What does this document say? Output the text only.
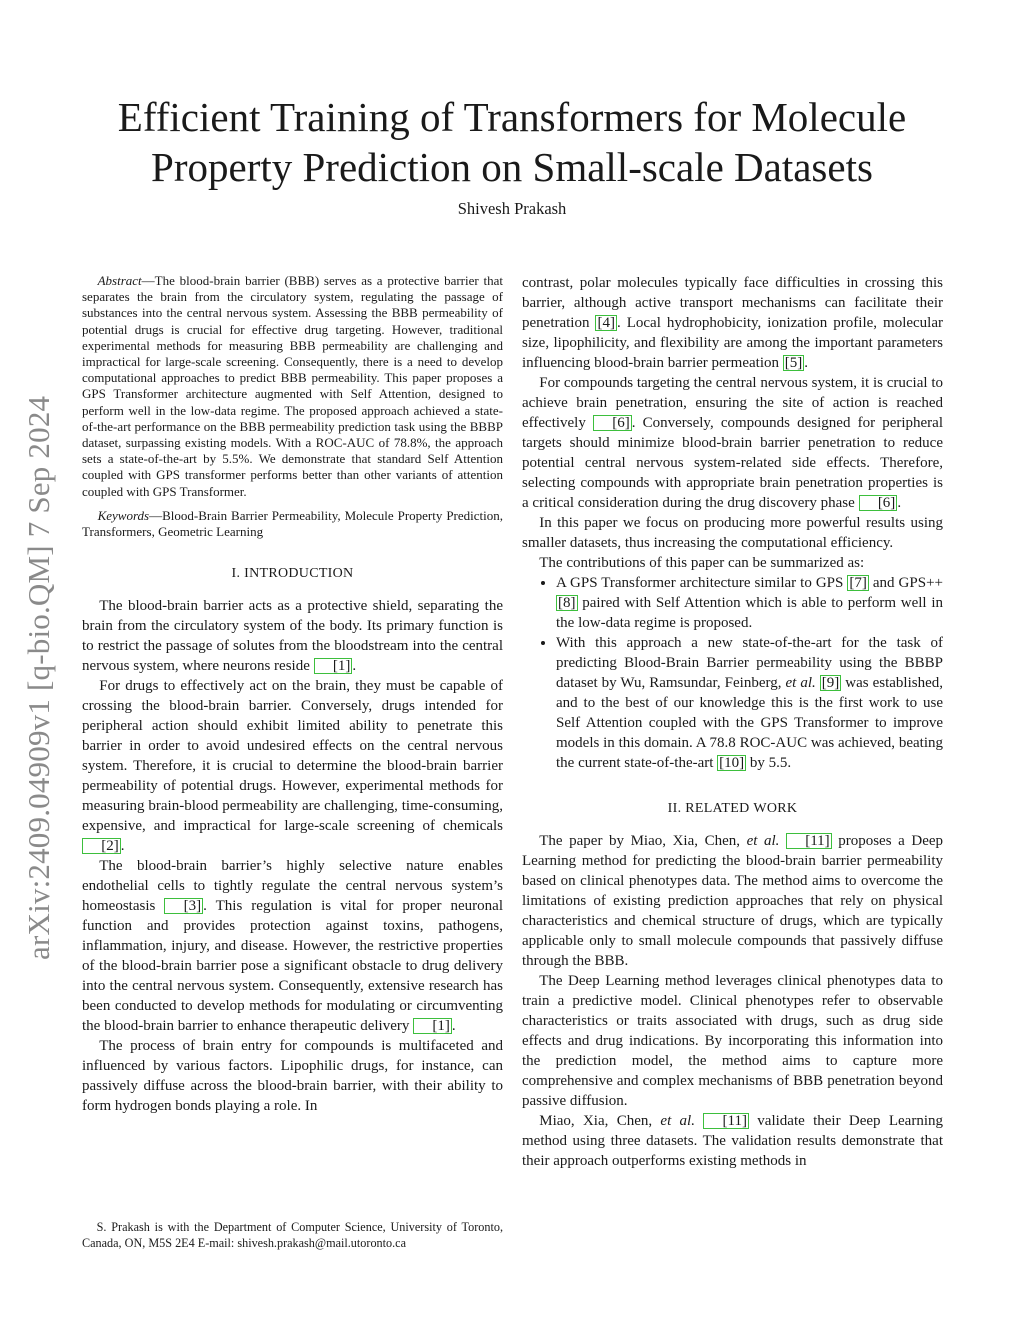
arXiv:2409.04909v1 [q-bio.QM] 7 Sep 2024
Efficient Training of Transformers for Molecule
Property Prediction on Small-scale Datasets
Shivesh Prakash

Abstract—The blood-brain barrier (BBB) serves as a protective barrier that separates the brain from the circulatory system, regulating the passage of substances into the central nervous system. Assessing the BBB permeability of potential drugs is crucial for effective drug targeting. However, traditional experimental methods for measuring BBB permeability are challenging and impractical for large-scale screening. Consequently, there is a need to develop computational approaches to predict BBB permeability. This paper proposes a GPS Transformer architecture augmented with Self Attention, designed to perform well in the low-data regime. The proposed approach achieved a state-of-the-art performance on the BBB permeability prediction task using the BBBP dataset, surpassing existing models. With a ROC-AUC of 78.8%, the approach sets a state-of-the-art by 5.5%. We demonstrate that standard Self Attention coupled with GPS transformer performs better than other variants of attention coupled with GPS Transformer.

Keywords—Blood-Brain Barrier Permeability, Molecule Property Prediction, Transformers, Geometric Learning

I. INTRODUCTION

The blood-brain barrier acts as a protective shield, separating the brain from the circulatory system of the body. Its primary function is to restrict the passage of solutes from the bloodstream into the central nervous system, where neurons reside [1] .

For drugs to effectively act on the brain, they must be capable of crossing the blood-brain barrier. Conversely, drugs intended for peripheral action should exhibit limited ability to penetrate this barrier in order to avoid undesired effects on the central nervous system. Therefore, it is crucial to determine the blood-brain barrier permeability of potential drugs. However, experimental methods for measuring brain-blood permeability are challenging, time-consuming, expensive, and impractical for large-scale screening of chemicals [2] .

The blood-brain barrier’s highly selective nature enables endothelial cells to tightly regulate the central nervous system’s homeostasis [3] . This regulation is vital for proper neuronal function and provides protection against toxins, pathogens, inflammation, injury, and disease. However, the restrictive properties of the blood-brain barrier pose a significant obstacle to drug delivery into the central nervous system. Consequently, extensive research has been conducted to develop methods for modulating or circumventing the blood-brain barrier to enhance therapeutic delivery [1] .

The process of brain entry for compounds is multifaceted and influenced by various factors. Lipophilic drugs, for instance, can passively diffuse across the blood-brain barrier, with their ability to form hydrogen bonds playing a role. In

S. Prakash is with the Department of Computer Science, University of Toronto, Canada, ON, M5S 2E4 E-mail: shivesh.prakash@mail.utoronto.ca

contrast, polar molecules typically face difficulties in crossing this barrier, although active transport mechanisms can facilitate their penetration [4] . Local hydrophobicity, ionization profile, molecular size, lipophilicity, and flexibility are among the important parameters influencing blood-brain barrier permeation [5] .

For compounds targeting the central nervous system, it is crucial to achieve brain penetration, ensuring the site of action is reached effectively [6] . Conversely, compounds designed for peripheral targets should minimize blood-brain barrier penetration to reduce potential central nervous system-related side effects. Therefore, selecting compounds with appropriate brain penetration properties is a critical consideration during the drug discovery phase [6] .

In this paper we focus on producing more powerful results using smaller datasets, thus increasing the computational efficiency.

The contributions of this paper can be summarized as:

• A GPS Transformer architecture similar to GPS [7] and GPS++ [8] paired with Self Attention which is able to perform well in the low-data regime is proposed.
• With this approach a new state-of-the-art for the task of predicting Blood-Brain Barrier permeability using the BBBP dataset by Wu, Ramsundar, Feinberg, et al. [9] was established, and to the best of our knowledge this is the first work to use Self Attention coupled with the GPS Transformer to improve models in this domain. A 78.8 ROC-AUC was achieved, beating the current state-of-the-art [10] by 5.5.
II. RELATED WORK

The paper by Miao, Xia, Chen, et al. [11] proposes a Deep Learning method for predicting the blood-brain barrier permeability based on clinical phenotypes data. The method aims to overcome the limitations of existing prediction approaches that rely on physical characteristics and chemical structure of drugs, which are typically applicable only to small molecule compounds that passively diffuse through the BBB.

The Deep Learning method leverages clinical phenotypes data to train a predictive model. Clinical phenotypes refer to observable characteristics or traits associated with drugs, such as drug side effects and drug indications. By incorporating this information into the prediction model, the method aims to capture more comprehensive and complex mechanisms of BBB penetration beyond passive diffusion.

Miao, Xia, Chen, et al. [11] validate their Deep Learning method using three datasets. The validation results demonstrate that their approach outperforms existing methods in
